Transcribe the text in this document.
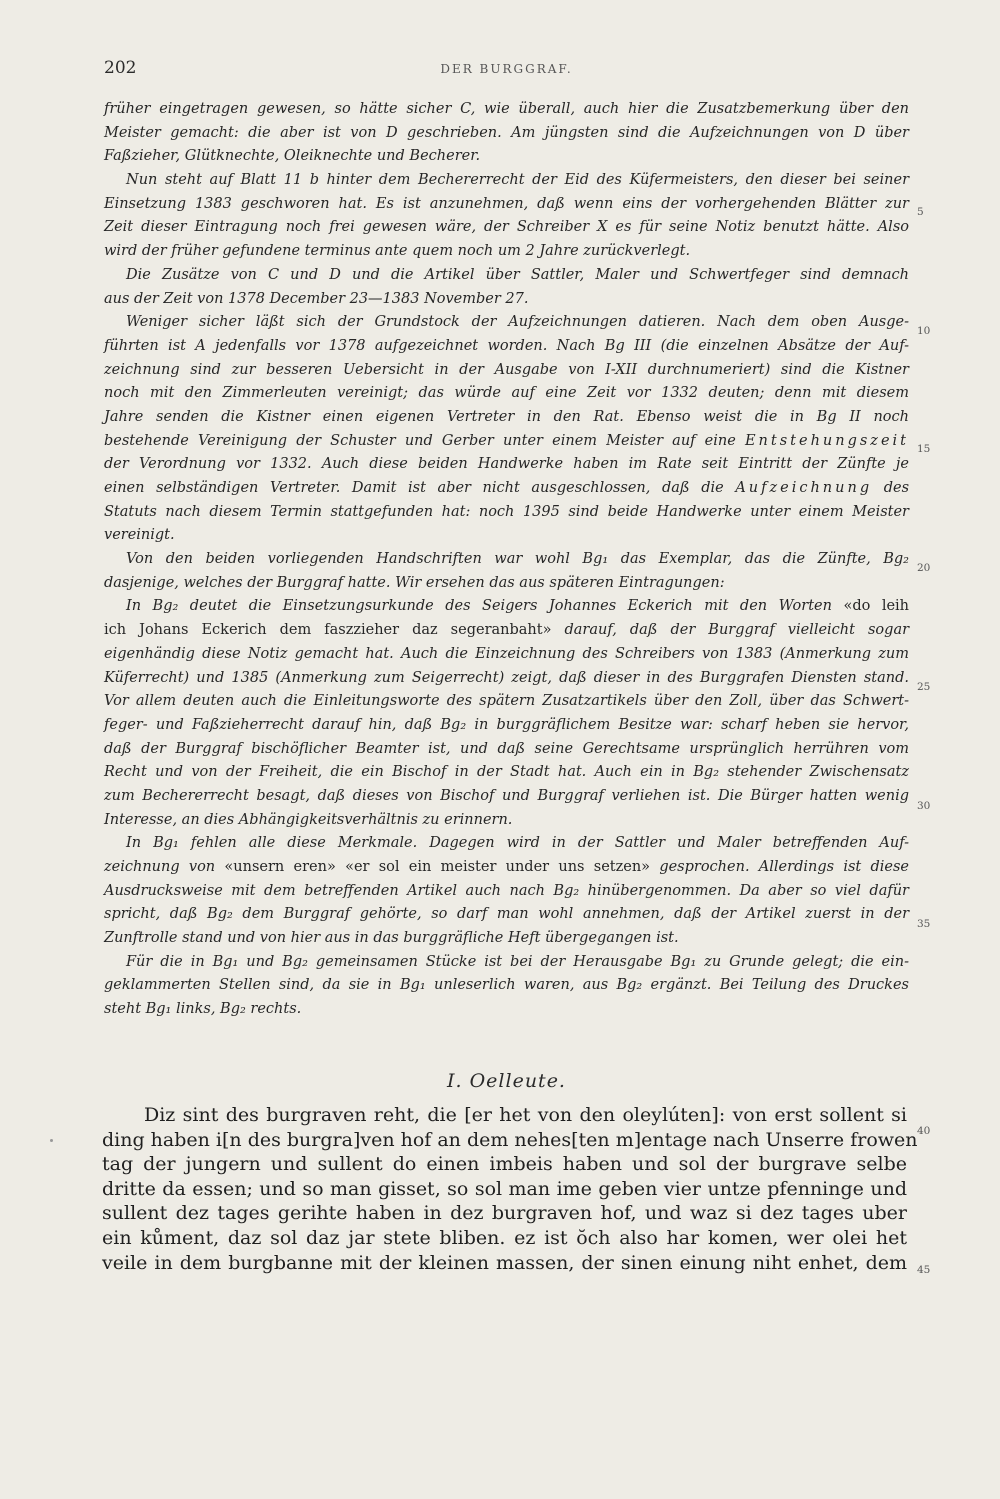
202	DER BURGGRAF.
früher eingetragen gewesen, so hätte sicher C, wie überall, auch hier die Zusatzbemerkung über den
Meister gemacht: die aber ist von D geschrieben. Am jüngsten sind die Aufzeichnungen von D über
Faßzieher, Glütknechte, Oleiknechte und Becherer.
Nun steht auf Blatt 11 b hinter dem Bechererrecht der Eid des Küfermeisters, den dieser bei seiner
Einsetzung 1383 geschworen hat. Es ist anzunehmen, daß wenn eins der vorhergehenden Blätter zur
Zeit dieser Eintragung noch frei gewesen wäre, der Schreiber X es für seine Notiz benutzt hätte. Also
wird der früher gefundene terminus ante quem noch um 2 Jahre zurückverlegt.
Die Zusätze von C und D und die Artikel über Sattler, Maler und Schwertfeger sind demnach
aus der Zeit von 1378 December 23—1383 November 27.
Weniger sicher läßt sich der Grundstock der Aufzeichnungen datieren. Nach dem oben Ausge-
führten ist A jedenfalls vor 1378 aufgezeichnet worden. Nach Bg III (die einzelnen Absätze der Auf-
zeichnung sind zur besseren Uebersicht in der Ausgabe von I-XII durchnumeriert) sind die Kistner
noch mit den Zimmerleuten vereinigt; das würde auf eine Zeit vor 1332 deuten; denn mit diesem
Jahre senden die Kistner einen eigenen Vertreter in den Rat. Ebenso weist die in Bg II noch
bestehende Vereinigung der Schuster und Gerber unter einem Meister auf eine Entstehungszeit
der Verordnung vor 1332. Auch diese beiden Handwerke haben im Rate seit Eintritt der Zünfte je
einen selbständigen Vertreter. Damit ist aber nicht ausgeschlossen, daß die Aufzeichnung des
Statuts nach diesem Termin stattgefunden hat: noch 1395 sind beide Handwerke unter einem Meister
vereinigt.
Von den beiden vorliegenden Handschriften war wohl Bg₁ das Exemplar, das die Zünfte, Bg₂
dasjenige, welches der Burggraf hatte. Wir ersehen das aus späteren Eintragungen:
In Bg₂ deutet die Einsetzungsurkunde des Seigers Johannes Eckerich mit den Worten «do leih
ich Johans Eckerich dem faszzieher daz segeranbaht» darauf, daß der Burggraf vielleicht sogar
eigenhändig diese Notiz gemacht hat. Auch die Einzeichnung des Schreibers von 1383 (Anmerkung zum
Küferrecht) und 1385 (Anmerkung zum Seigerrecht) zeigt, daß dieser in des Burggrafen Diensten stand.
Vor allem deuten auch die Einleitungsworte des spätern Zusatzartikels über den Zoll, über das Schwert-
feger- und Faßzieherrecht darauf hin, daß Bg₂ in burggräflichem Besitze war: scharf heben sie hervor,
daß der Burggraf bischöflicher Beamter ist, und daß seine Gerechtsame ursprünglich herrühren vom
Recht und von der Freiheit, die ein Bischof in der Stadt hat. Auch ein in Bg₂ stehender Zwischensatz
zum Bechererrecht besagt, daß dieses von Bischof und Burggraf verliehen ist. Die Bürger hatten wenig
Interesse, an dies Abhängigkeitsverhältnis zu erinnern.
In Bg₁ fehlen alle diese Merkmale. Dagegen wird in der Sattler und Maler betreffenden Auf-
zeichnung von «unsern eren» «er sol ein meister under uns setzen» gesprochen. Allerdings ist diese
Ausdrucksweise mit dem betreffenden Artikel auch nach Bg₂ hinübergenommen. Da aber so viel dafür
spricht, daß Bg₂ dem Burggraf gehörte, so darf man wohl annehmen, daß der Artikel zuerst in der
Zunftrolle stand und von hier aus in das burggräfliche Heft übergegangen ist.
Für die in Bg₁ und Bg₂ gemeinsamen Stücke ist bei der Herausgabe Bg₁ zu Grunde gelegt; die ein-
geklammerten Stellen sind, da sie in Bg₁ unleserlich waren, aus Bg₂ ergänzt. Bei Teilung des Druckes
steht Bg₁ links, Bg₂ rechts.
5
10
15
20
25
30
35
40
45
I. Oelleute.
Diz sint des burgraven reht, die [er het von den oleylúten]: von erst sollent si
ding haben i[n des burgra]ven hof an dem nehes[ten m]entage nach Unserre frowen
tag der jungern und sullent do einen imbeis haben und sol der burgrave selbe
dritte da essen; und so man gisset, so sol man ime geben vier untze pfenninge und
sullent dez tages gerihte haben in dez burgraven hof, und waz si dez tages uber
ein kůment, daz sol daz jar stete bliben. ez ist ŏch also har komen, wer olei het
veile in dem burgbanne mit der kleinen massen, der sinen einung niht enhet, dem
